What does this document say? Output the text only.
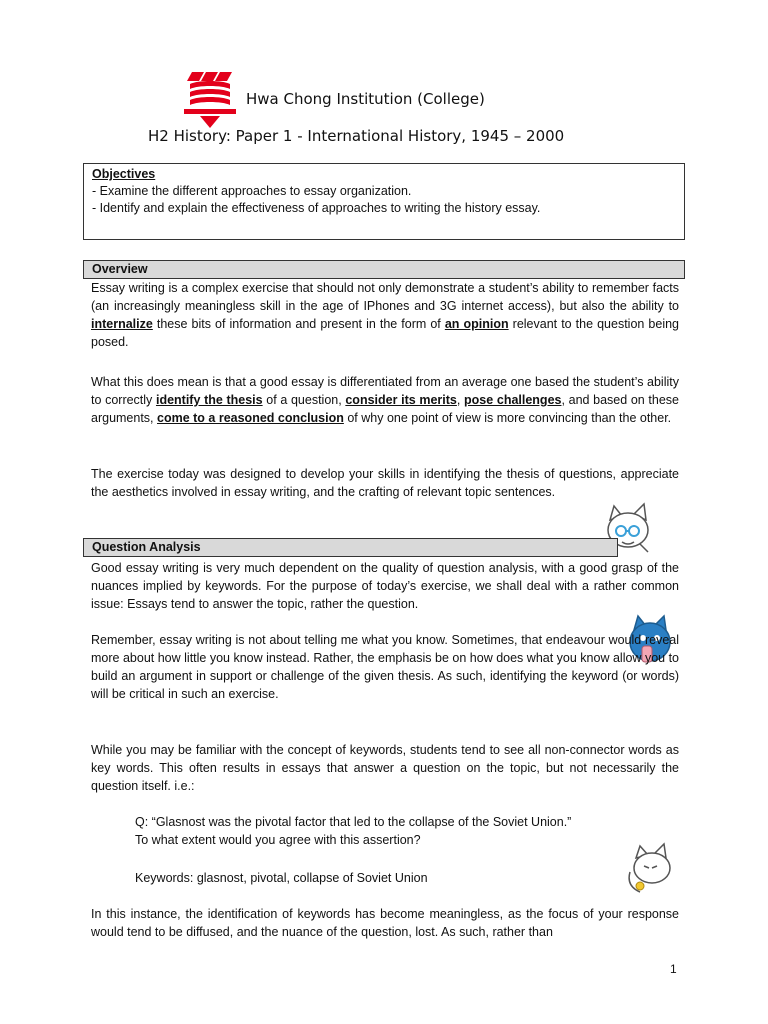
Hwa Chong Institution (College)
H2 History: Paper 1 - International History, 1945 – 2000
Objectives
- Examine the different approaches to essay organization.
- Identify and explain the effectiveness of approaches to writing the history essay.
Overview
Essay writing is a complex exercise that should not only demonstrate a student’s ability to remember facts (an increasingly meaningless skill in the age of IPhones and 3G internet access), but also the ability to internalize these bits of information and present in the form of an opinion relevant to the question being posed.
What this does mean is that a good essay is differentiated from an average one based the student’s ability to correctly identify the thesis of a question, consider its merits, pose challenges, and based on these arguments, come to a reasoned conclusion of why one point of view is more convincing than the other.
The exercise today was designed to develop your skills in identifying the thesis of questions, appreciate the aesthetics involved in essay writing, and the crafting of relevant topic sentences.
Question Analysis
Good essay writing is very much dependent on the quality of question analysis, with a good grasp of the nuances implied by keywords. For the purpose of today’s exercise, we shall deal with a rather common issue: Essays tend to answer the topic, rather the question.
Remember, essay writing is not about telling me what you know. Sometimes, that endeavour would reveal more about how little you know instead. Rather, the emphasis be on how does what you know allow you to build an argument in support or challenge of the given thesis. As such, identifying the keyword (or words) will be critical in such an exercise.
While you may be familiar with the concept of keywords, students tend to see all non-connector words as key words. This often results in essays that answer a question on the topic, but not necessarily the question itself. i.e.:
Q: “Glasnost was the pivotal factor that led to the collapse of the Soviet Union.”
To what extent would you agree with this assertion?
Keywords: glasnost, pivotal, collapse of Soviet Union
In this instance, the identification of keywords has become meaningless, as the focus of your response would tend to be diffused, and the nuance of the question, lost. As such, rather than
1
